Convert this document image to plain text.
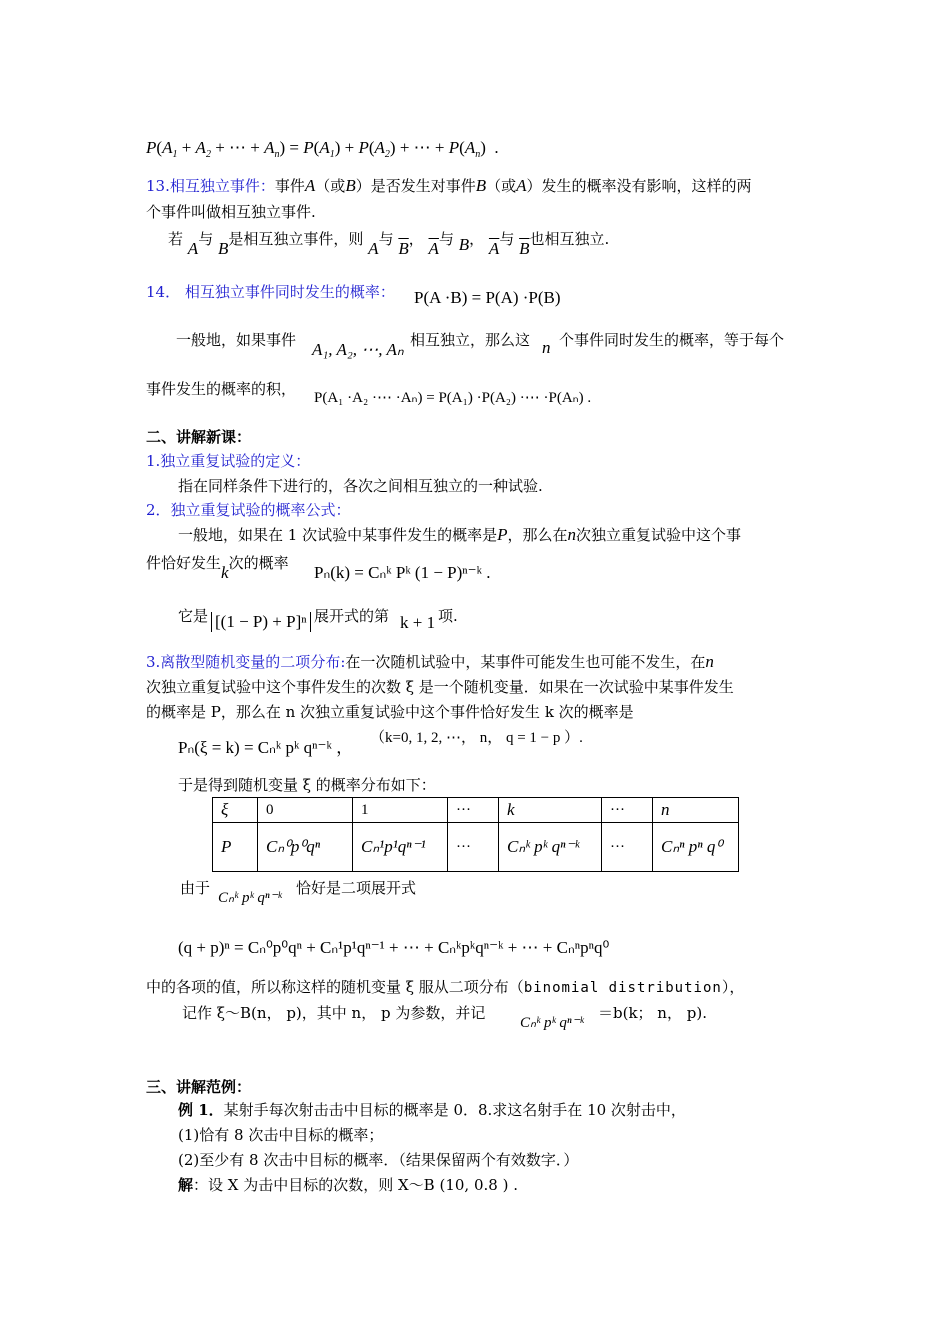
$P(A_1 + A_2$ + ⋯ + $A_n) = P(A_1) + P(A_2)$ + ⋯ + $P(A_n)$  .
13.相互独立事件：事件A（或B）是否发生对事件B（或A）发生的概率没有影响，这样的两
个事件叫做相互独立事件.
若 A与 B是相互独立事件，则 A与 $\overline{B}$， $\overline{A}$与 B， $\overline{A}$与 $\overline{B}$也相互独立.
14． 相互独立事件同时发生的概率： P(A ·B) = P(A) ·P(B)
一般地，如果事件 A₁, A₂, ⋯, Aₙ 相互独立，那么这 n 个事件同时发生的概率，等于每个
事件发生的概率的积， P(A₁ ·A₂ ·⋯ ·Aₙ) = P(A₁) ·P(A₂) ·⋯ ·P(Aₙ) .
二、讲解新课：
1.独立重复试验的定义：
指在同样条件下进行的，各次之间相互独立的一种试验.
2．独立重复试验的概率公式：
一般地，如果在 1 次试验中某事件发生的概率是P，那么在n次独立重复试验中这个事
件恰好发生k次的概率 Pₙ(k) = Cₙᵏ Pᵏ (1 − P)ⁿ⁻ᵏ .
它是 [(1 − P) + P]ⁿ 展开式的第 k + 1 项.
3.离散型随机变量的二项分布:在一次随机试验中，某事件可能发生也可能不发生，在n
次独立重复试验中这个事件发生的次数 ξ 是一个随机变量．如果在一次试验中某事件发生
的概率是 P，那么在 n 次独立重复试验中这个事件恰好发生 k 次的概率是
Pₙ(ξ = k) = Cₙᵏ pᵏ qⁿ⁻ᵏ ， （k=0, 1, 2, ⋯， n， q = 1 − p ）.
于是得到随机变量 ξ 的概率分布如下：
ξ	0	1	···	k	···	n
P	Cₙ⁰p⁰qⁿ	Cₙ¹p¹qⁿ⁻¹	···	Cₙᵏ pᵏ qⁿ⁻ᵏ	···	Cₙⁿ pⁿ q⁰
由于
Cₙᵏ pᵏ qⁿ⁻ᵏ
恰好是二项展开式
(q + p)ⁿ = Cₙ⁰p⁰qⁿ + Cₙ¹p¹qⁿ⁻¹ + ⋯ + Cₙᵏpᵏqⁿ⁻ᵏ + ⋯ + Cₙⁿpⁿq⁰
中的各项的值，所以称这样的随机变量 ξ 服从二项分布（binomial distribution），
记作 ξ～B(n， p)，其中 n， p 为参数，并记
Cₙᵏ pᵏ qⁿ⁻ᵏ
＝b(k； n， p).
三、讲解范例：
例 1．某射手每次射击击中目标的概率是 0．8.求这名射手在 10 次射击中，
(1)恰有 8 次击中目标的概率；
(2)至少有 8 次击中目标的概率．（结果保留两个有效数字．）
解：设 X 为击中目标的次数，则 X～B (10, 0.8 ) .
